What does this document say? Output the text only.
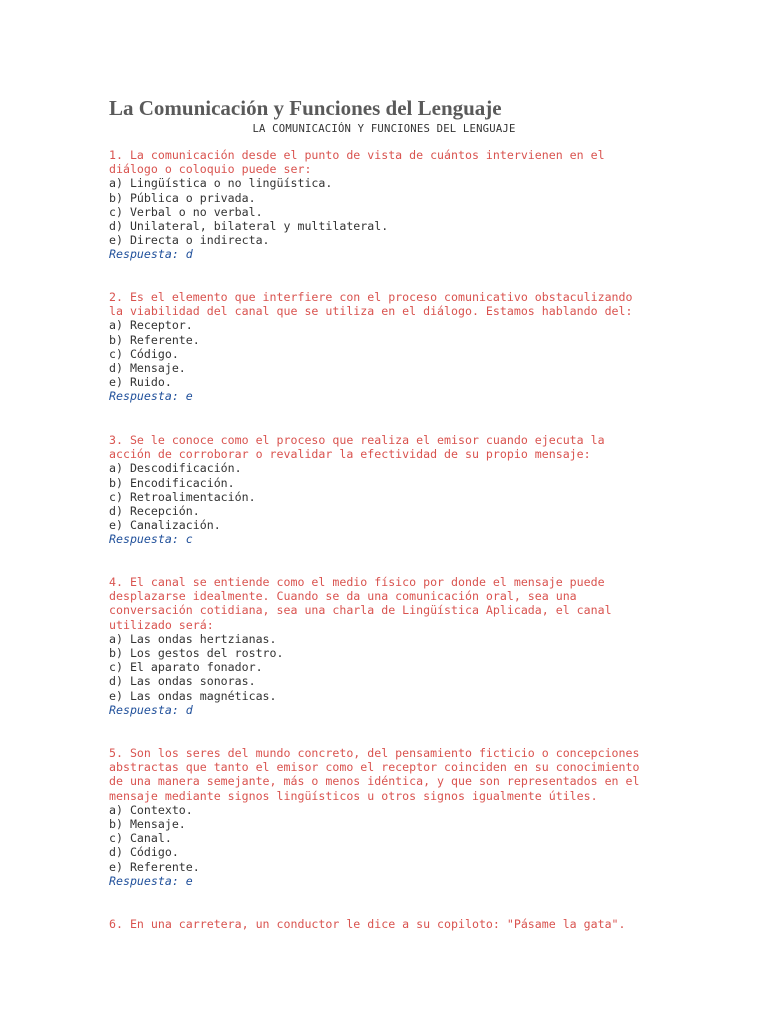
La Comunicación y Funciones del Lenguaje
LA COMUNICACIÓN Y FUNCIONES DEL LENGUAJE

1. La comunicación desde el punto de vista de cuántos intervienen en el
diálogo o coloquio puede ser:

a) Lingüística o no lingüística.

b) Pública o privada.

c) Verbal o no verbal.

d) Unilateral, bilateral y multilateral.

e) Directa o indirecta.

Respuesta: d

2. Es el elemento que interfiere con el proceso comunicativo obstaculizando
la viabilidad del canal que se utiliza en el diálogo. Estamos hablando del:

a) Receptor.

b) Referente.

c) Código.

d) Mensaje.

e) Ruido.

Respuesta: e

3. Se le conoce como el proceso que realiza el emisor cuando ejecuta la
acción de corroborar o revalidar la efectividad de su propio mensaje:

a) Descodificación.

b) Encodificación.

c) Retroalimentación.

d) Recepción.

e) Canalización.

Respuesta: c

4. El canal se entiende como el medio físico por donde el mensaje puede
desplazarse idealmente. Cuando se da una comunicación oral, sea una
conversación cotidiana, sea una charla de Lingüística Aplicada, el canal
utilizado será:

a) Las ondas hertzianas.

b) Los gestos del rostro.

c) El aparato fonador.

d) Las ondas sonoras.

e) Las ondas magnéticas.

Respuesta: d

5. Son los seres del mundo concreto, del pensamiento ficticio o concepciones
abstractas que tanto el emisor como el receptor coinciden en su conocimiento
de una manera semejante, más o menos idéntica, y que son representados en el
mensaje mediante signos lingüísticos u otros signos igualmente útiles.

a) Contexto.

b) Mensaje.

c) Canal.

d) Código.

e) Referente.

Respuesta: e

6. En una carretera, un conductor le dice a su copiloto: "Pásame la gata".
